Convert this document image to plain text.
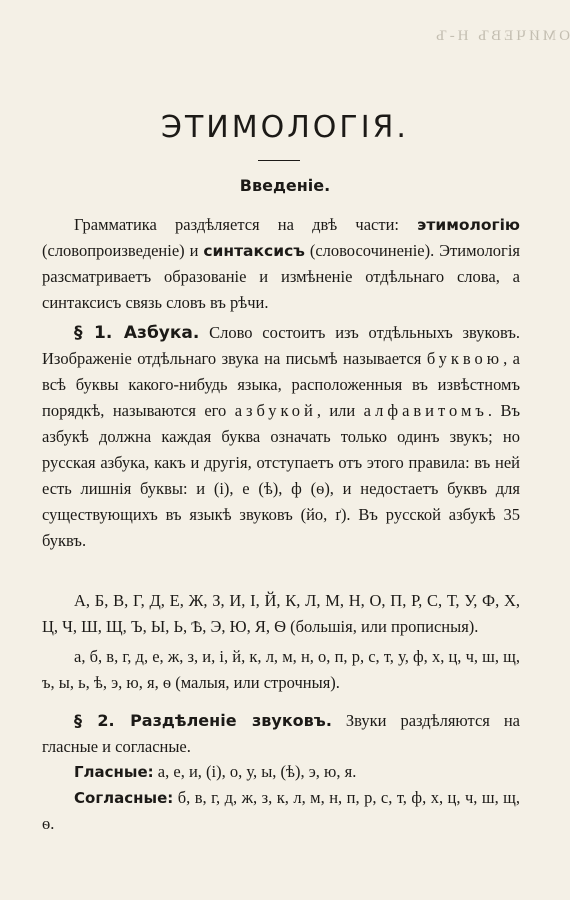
ОМИЧЕВЪ Н-Ъ
ЭТИМОЛОГІЯ.
Введеніе.
Грамматика раздѣляется на двѣ части: этимологію (словопроизведеніе) и синтаксисъ (словосочиненіе). Этимологія разсматриваетъ образованіе и измѣненіе отдѣльнаго слова, а синтаксисъ связь словъ въ рѣчи.
§ 1. Азбука. Слово состоитъ изъ отдѣльныхъ звуковъ. Изображеніе отдѣльнаго звука на письмѣ называется буквою, а всѣ буквы какого-нибудь языка, расположенныя въ извѣстномъ порядкѣ, называются его азбукой, или алфавитомъ. Въ азбукѣ должна каждая буква означать только одинъ звукъ; но русская азбука, какъ и другія, отступаетъ отъ этого правила: въ ней есть лишнія буквы: и (і), е (ѣ), ф (ѳ), и недостаетъ буквъ для существующихъ въ языкѣ звуковъ (йо, ґ). Въ русской азбукѣ 35 буквъ.
А, Б, В, Г, Д, Е, Ж, З, И, І, Й, К, Л, М, Н, О, П, Р, С, Т, У, Ф, Х, Ц, Ч, Ш, Щ, Ъ, Ы, Ь, Ѣ, Э, Ю, Я, Ѳ (большія, или прописныя).
а, б, в, г, д, е, ж, з, и, і, й, к, л, м, н, о, п, р, с, т, у, ф, х, ц, ч, ш, щ, ъ, ы, ь, ѣ, э, ю, я, ѳ (малыя, или строчныя).
§ 2. Раздѣленіе звуковъ. Звуки раздѣляются на гласные и согласные.
Гласные: а, е, и, (і), о, у, ы, (ѣ), э, ю, я.
Согласные: б, в, г, д, ж, з, к, л, м, н, п, р, с, т, ф, х, ц, ч, ш, щ, ѳ.
